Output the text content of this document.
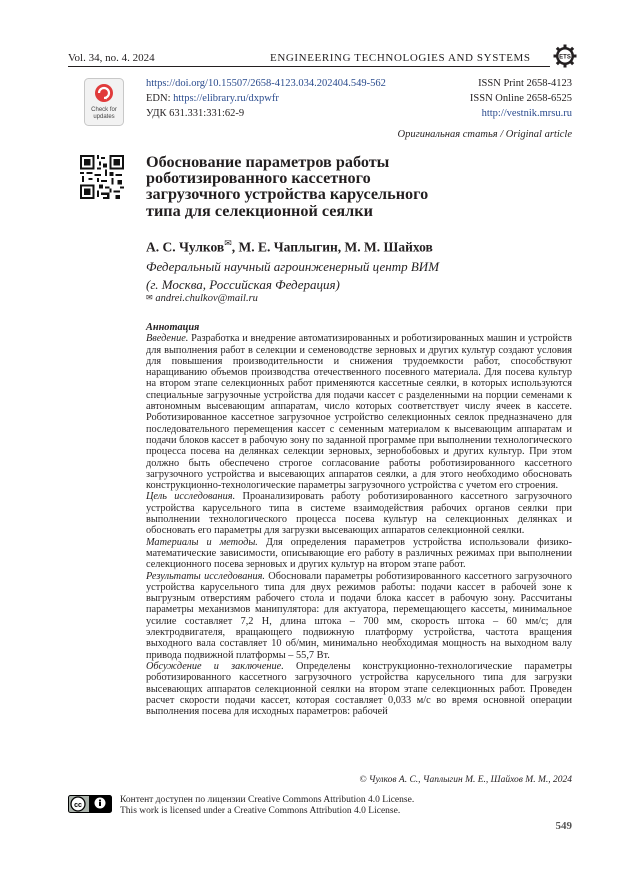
Vol. 34, no. 4. 2024	ENGINEERING TECHNOLOGIES AND SYSTEMS	ETS
Check for
updates
https://doi.org/10.15507/2658-4123.034.202404.549-562
EDN: https://elibrary.ru/dxpwfr
УДК 631.331:331:62-9
ISSN Print 2658-4123
ISSN Online 2658-6525
http://vestnik.mrsu.ru
Оригинальная статья / Original article
Обоснование параметров работы роботизированного кассетного загрузочного устройства карусельного типа для селекционной сеялки
А. С. Чулков✉, М. Е. Чаплыгин, М. М. Шайхов
Федеральный научный агроинженерный центр ВИМ
(г. Москва, Российская Федерация)
✉ andrei.chulkov@mail.ru
Аннотация
Введение. Разработка и внедрение автоматизированных и роботизированных машин и устройств для выполнения работ в селекции и семеноводстве зерновых и других культур создают условия для повышения производительности и снижения трудоемкости работ, способствуют наращиванию объемов производства отечественного посевного материала. Для посева культур на втором этапе селекционных работ применяются кассетные сеялки, в которых используются специальные загрузочные устройства для подачи кассет с разделенными на порции семенами к автономным высевающим аппаратам, число которых соответствует числу ячеек в кассете. Роботизированное кассетное загрузочное устройство селекционных сеялок предназначено для последовательного перемещения кассет с семенным материалом к высевающим аппаратам и подачи блоков кассет в рабочую зону по заданной программе при выполнении технологического процесса посева на делянках селекции зерновых, зернобобовых и других культур. При этом должно быть обеспечено строгое согласование работы роботизированного кассетного загрузочного устройства и высевающих аппаратов сеялки, а для этого необходимо обосновать конструкционно-технологические параметры загрузочного устройства с учетом его строения.
Цель исследования. Проанализировать работу роботизированного кассетного загрузочного устройства карусельного типа в системе взаимодействия рабочих органов сеялки при выполнении технологического процесса посева культур на селекционных делянках и обосновать его параметры для загрузки высевающих аппаратов селекционной сеялки.
Материалы и методы. Для определения параметров устройства использовали физико-математические зависимости, описывающие его работу в различных режимах при выполнении селекционного посева зерновых и других культур на втором этапе работ.
Результаты исследования. Обосновали параметры роботизированного кассетного загрузочного устройства карусельного типа для двух режимов работы: подачи кассет в рабочей зоне к выгрузным отверстиям рабочего стола и подачи блока кассет в рабочую зону. Рассчитаны параметры механизмов манипулятора: для актуатора, перемещающего кассеты, минимальное усилие составляет 7,2 Н, длина штока – 700 мм, скорость штока – 60 мм/с; для электродвигателя, вращающего подвижную платформу устройства, частота вращения выходного вала составляет 10 об/мин, минимально необходимая мощность на выходном валу привода подвижной платформы – 55,7 Вт.
Обсуждение и заключение. Определены конструкционно-технологические параметры роботизированного кассетного загрузочного устройства карусельного типа для загрузки высевающих аппаратов селекционной сеялки на втором этапе селекционных работ. Проведен расчет скорости подачи кассет, которая составляет 0,033 м/с во время основной операции выполнения посева для исходных параметров: рабочей
© Чулков А. С., Чаплыгин М. Е., Шайхов М. М., 2024
cc
Контент доступен по лицензии Creative Commons Attribution 4.0 License.
This work is licensed under a Creative Commons Attribution 4.0 License.
549
